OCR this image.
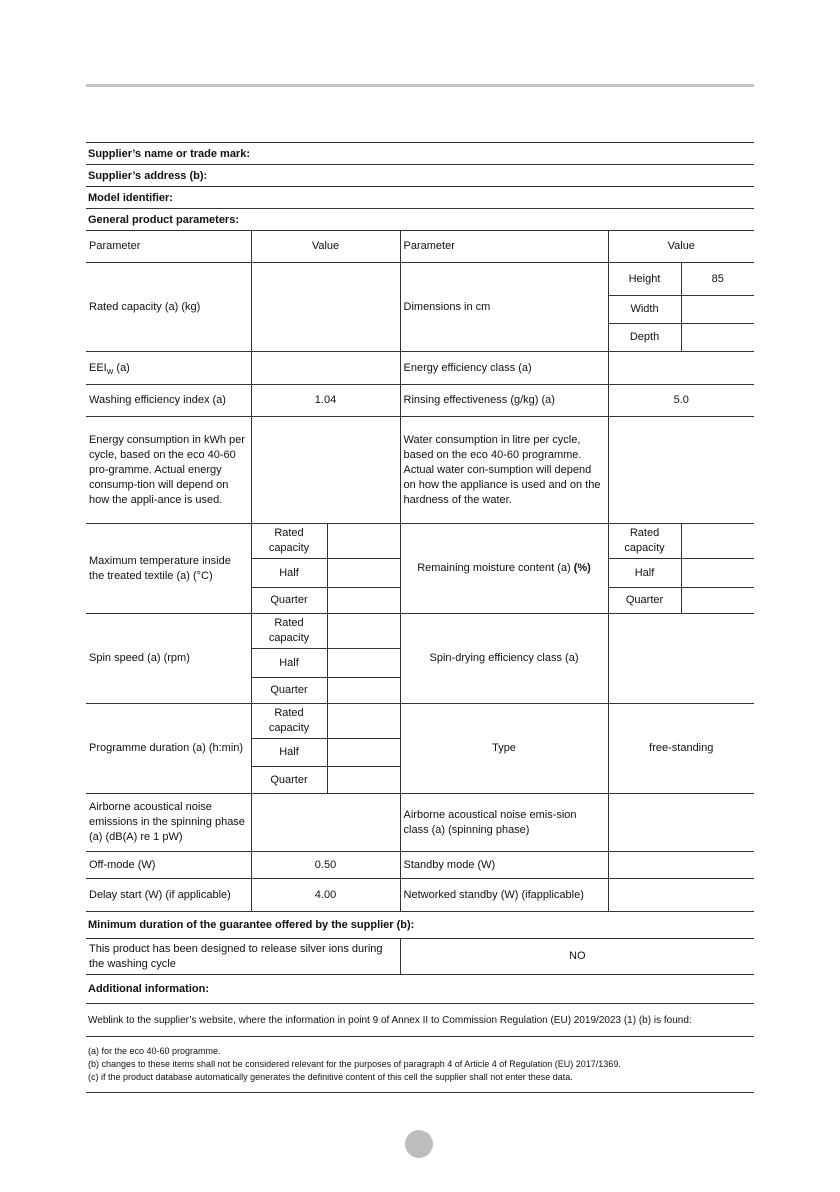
Supplier’s name or trade mark:
Supplier’s address
(b):
Model identifier:
General product parameters:
Parameter	Value		Parameter	Value	
Rated capacity (a) (kg)			Dimensions in cm	Height	85
				Width	
				Depth	
$EEI_W$ (a)			Energy efficiency class (a)		
Washing efficiency index (a)	1.04		Rinsing effectiveness (g/kg) (a)	5.0	
Energy consumption in kWh per cycle, based on the eco 40-60 pro-gramme. Actual energy consump-tion will depend on how the appli-ance is used.			Water consumption in litre per cycle, based on the eco 40-60 programme. Actual water con-sumption will depend on how the appliance is used and on the hardness of the water.		
Maximum temperature inside the treated textile (a) (°C)	Rated capacity		Remaining moisture content (a) (%)	Rated capacity	
	Half			Half	
	Quarter			Quarter	
Spin speed (a) (rpm)	Rated capacity		Spin-drying efficiency class (a)		
	Half				
	Quarter				
Programme duration (a) (h:min)	Rated capacity		Type	free-standing	
	Half				
	Quarter				
Airborne acoustical noise emissions in the spinning phase (a) (dB(A) re 1 pW)			Airborne acoustical noise emis-sion class (a) (spinning phase)		
Off-mode (W)	0.50		Standby mode (W)		
Delay start (W) (if applicable)	4.00		Networked standby (W) (ifapplicable)		
Minimum duration of the guarantee offered by the supplier
(b):
This product has been designed to release silver ions during the washing cycle	NO
Additional information:
Weblink to the supplier’s website, where the information in point 9 of Annex II to Commission Regulation (EU) 2019/2023 (1) (b) is found:
(a) for the eco 40-60 programme.
(b) changes to these items shall not be considered relevant for the purposes of paragraph 4 of Article 4 of Regulation (EU) 2017/1369.
(c) if the product database automatically generates the definitive content of this cell the supplier shall not enter these data.
